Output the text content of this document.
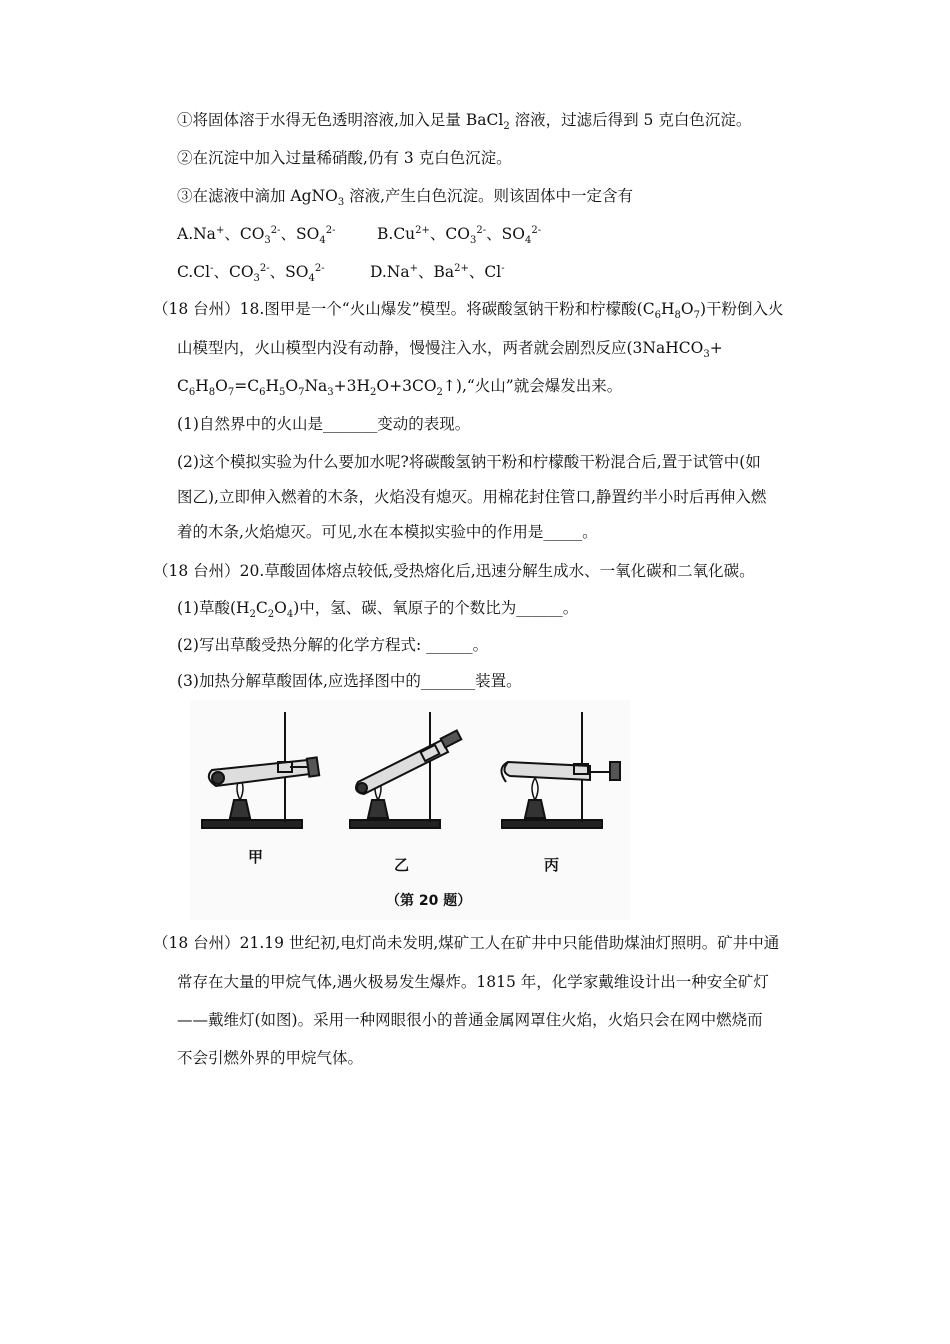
①将固体溶于水得无色透明溶液,加入足量 BaCl$_2$ 溶液，过滤后得到 5 克白色沉淀。
②在沉淀中加入过量稀硝酸,仍有 3 克白色沉淀。
③在滤液中滴加 AgNO$_3$ 溶液,产生白色沉淀。则该固体中一定含有
A.Na+、$CO_3^{2-}$、$SO_4^{2-}$	$B.Cu^{2+}$、$CO_3^{2-}$、$SO_4^{2-}$
C.Cl-、$CO_3^{2-}$、$SO_4^{2-}$	D.Na+、$Ba^{2+}$、Cl-
（18 台州）18.图甲是一个“火山爆发”模型。将碳酸氢钠干粉和柠檬酸$(C_6H_8O_7)$干粉倒入火
山模型内，火山模型内没有动静，慢慢注入水，两者就会剧烈反应(3NaHCO$_3$+
$C_6H_8O_7=C_6H_5O_7Na_3+3H_2O+3CO_2↑),“$火山”就会爆发出来。
(1)自然界中的火山是_______变动的表现。
(2)这个模拟实验为什么要加水呢?将碳酸氢钠干粉和柠檬酸干粉混合后,置于试管中(如
图乙),立即伸入燃着的木条，火焰没有熄灭。用棉花封住管口,静置约半小时后再伸入燃
着的木条,火焰熄灭。可见,水在本模拟实验中的作用是_____。
（18 台州）20.草酸固体熔点较低,受热熔化后,迅速分解生成水、一氧化碳和二氧化碳。
(1)草酸$(H_2C_2O_4)$中，氢、碳、氧原子的个数比为______。
(2)写出草酸受热分解的化学方程式: ______。
(3)加热分解草酸固体,应选择图中的_______装置。
甲	乙	丙
（第 20 题）
（18 台州）21.19 世纪初,电灯尚未发明,煤矿工人在矿井中只能借助煤油灯照明。矿井中通
常存在大量的甲烷气体,遇火极易发生爆炸。1815 年，化学家戴维设计出一种安全矿灯
——戴维灯(如图)。采用一种网眼很小的普通金属网罩住火焰，火焰只会在网中燃烧而
不会引燃外界的甲烷气体。
